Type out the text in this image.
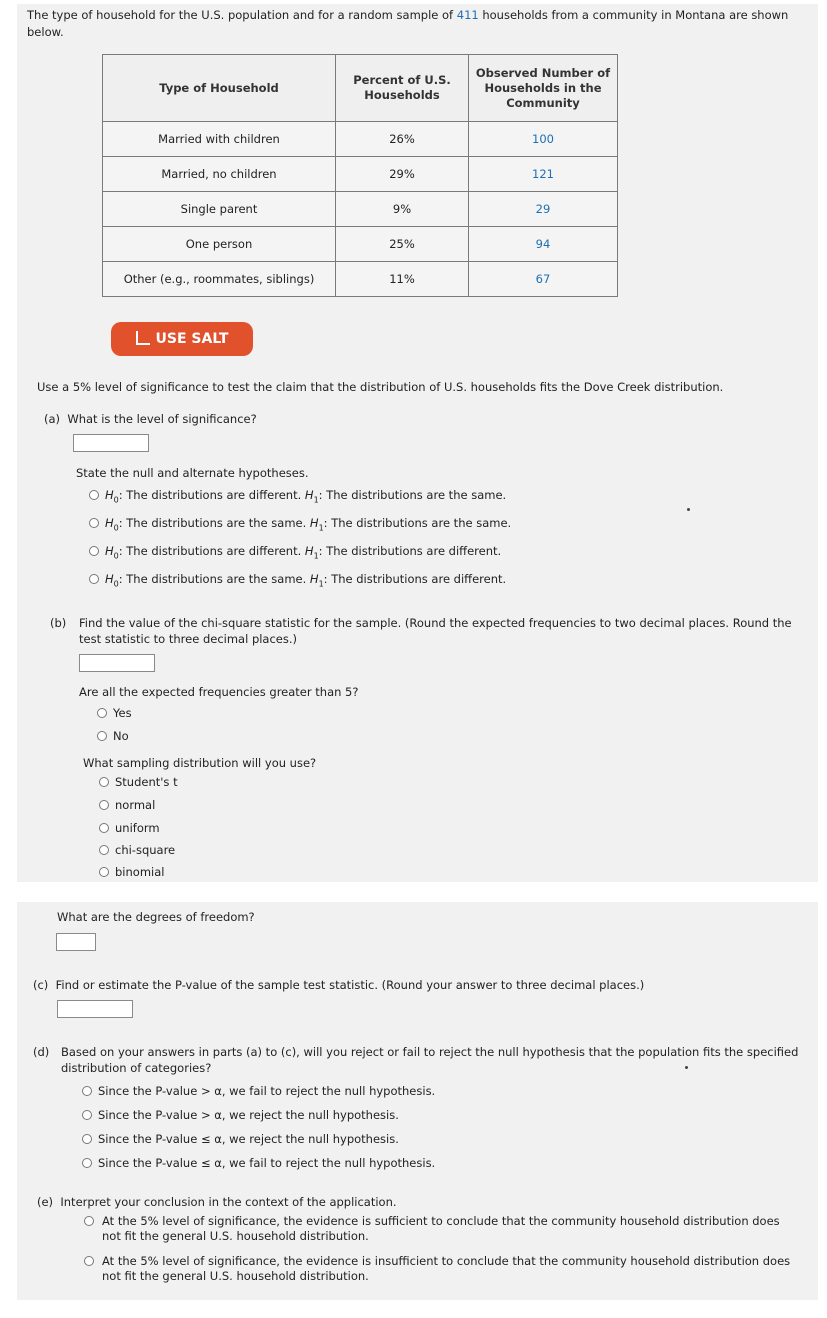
The type of household for the U.S. population and for a random sample of 411 households from a community in Montana are shown below.
Type of Household	Percent of U.S. Households	Observed Number of Households in the Community
Married with children	26%	100
Married, no children	29%	121
Single parent	9%	29
One person	25%	94
Other (e.g., roommates, siblings)	11%	67
USE SALT
Use a 5% level of significance to test the claim that the distribution of U.S. households fits the Dove Creek distribution.
(a) What is the level of significance?
State the null and alternate hypotheses.
$H_0$: The distributions are different. $H_1$: The distributions are the same.
$H_0$: The distributions are the same. $H_1$: The distributions are the same.
$H_0$: The distributions are different. $H_1$: The distributions are different.
$H_0$: The distributions are the same. $H_1$: The distributions are different.
(b)	Find the value of the chi-square statistic for the sample. (Round the expected frequencies to two decimal places. Round the test statistic to three decimal places.)
Are all the expected frequencies greater than 5?
Yes
No
What sampling distribution will you use?
Student's t
normal
uniform
chi-square
binomial
What are the degrees of freedom?
(c) Find or estimate the P-value of the sample test statistic. (Round your answer to three decimal places.)
(d)	Based on your answers in parts (a) to (c), will you reject or fail to reject the null hypothesis that the population fits the specified distribution of categories?
Since the P-value > α, we fail to reject the null hypothesis.
Since the P-value > α, we reject the null hypothesis.
Since the P-value ≤ α, we reject the null hypothesis.
Since the P-value ≤ α, we fail to reject the null hypothesis.
(e) Interpret your conclusion in the context of the application.
At the 5% level of significance, the evidence is sufficient to conclude that the community household distribution does not fit the general U.S. household distribution.
At the 5% level of significance, the evidence is insufficient to conclude that the community household distribution does not fit the general U.S. household distribution.
